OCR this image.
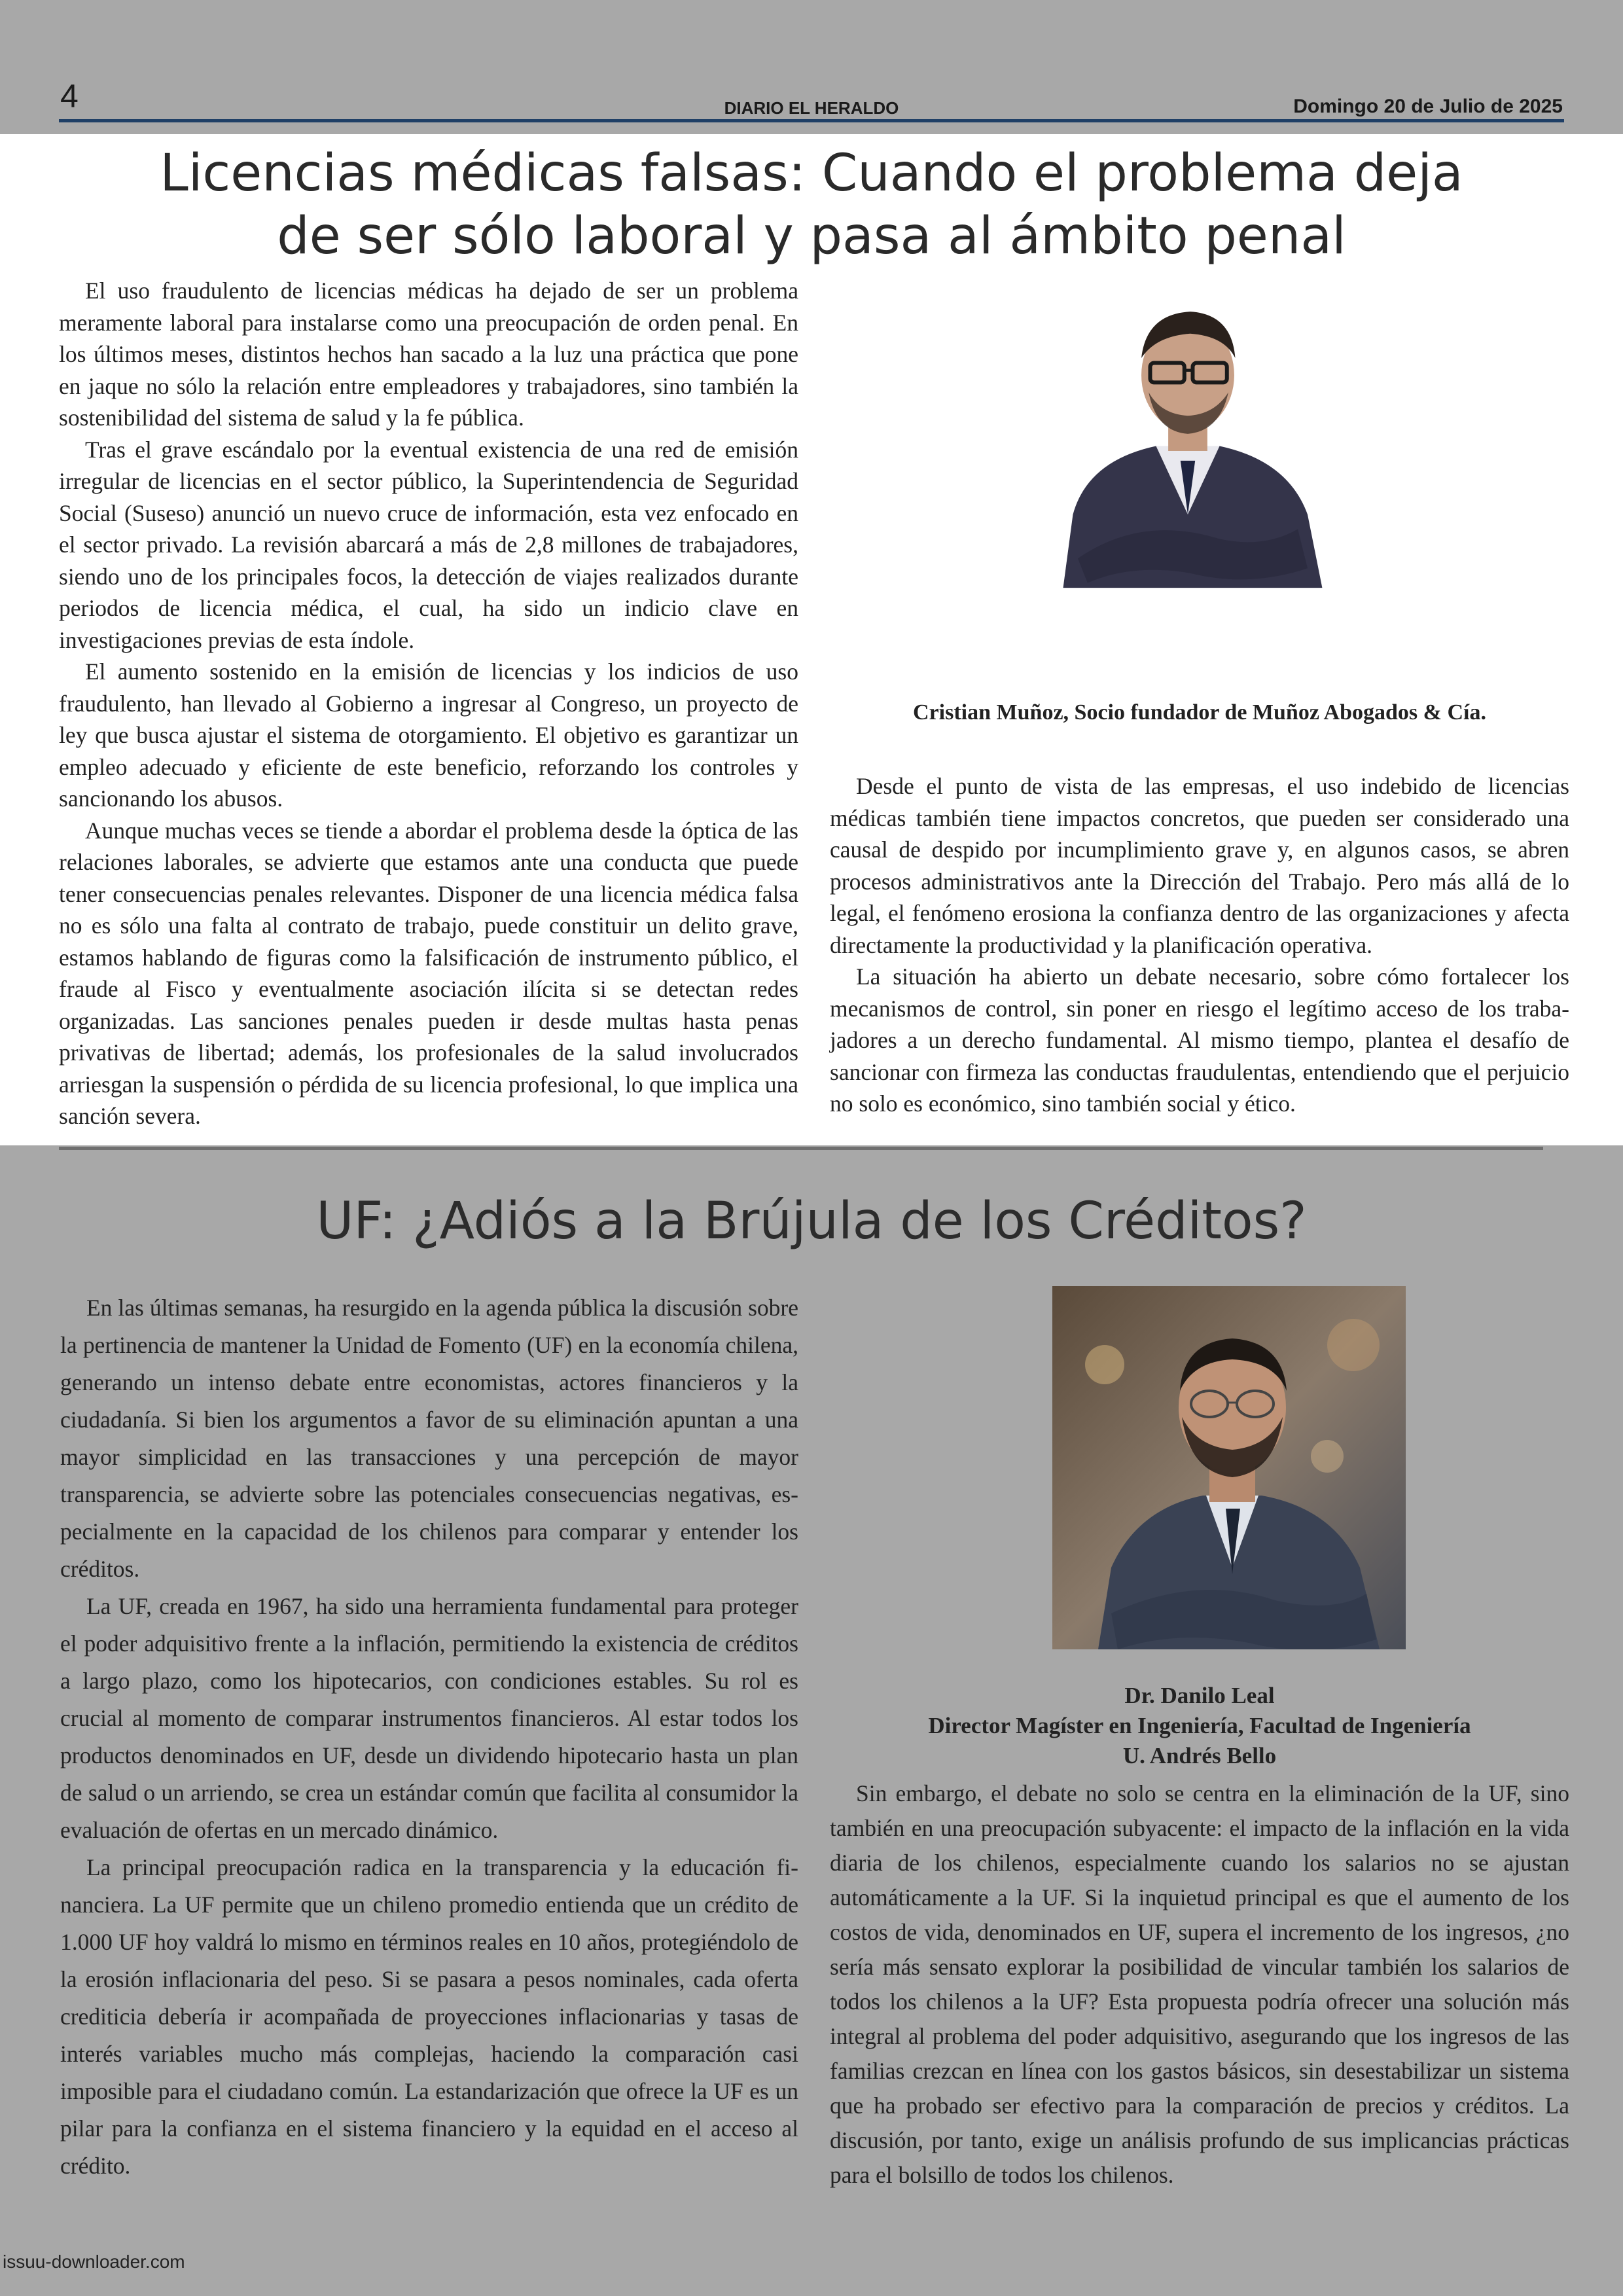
4	DIARIO EL HERALDO	Domingo 20 de Julio de 2025
Licencias médicas falsas: Cuando el problema deja
de ser sólo laboral y pasa al ámbito penal

El uso fraudulento de licencias médicas ha dejado de ser un problema meramente laboral para instalarse como una preocupación de orden penal. En los últimos meses, distintos hechos han sacado a la luz una práctica que pone en jaque no sólo la relación entre empleadores y trabajadores, sino también la sostenibilidad del sistema de salud y la fe pública.

Tras el grave escándalo por la eventual existencia de una red de emisión irregular de licencias en el sector público, la Superintendencia de Seguridad Social (Suseso) anunció un nuevo cruce de información, esta vez enfocado en el sector privado. La revisión abarcará a más de 2,8 millones de trabajadores, siendo uno de los principales focos, la detección de viajes realizados durante periodos de licencia médica, el cual, ha sido un indicio clave en investigaciones previas de esta índole.

El aumento sostenido en la emisión de licencias y los indicios de uso fraudulento, han llevado al Gobierno a ingresar al Congreso, un proyecto de ley que busca ajustar el sistema de otorgamiento. El objetivo es garantizar un empleo adecuado y eficiente de este beneficio, reforzando los controles y sancionando los abusos.

Aunque muchas veces se tiende a abordar el problema desde la óptica de las relaciones laborales, se advierte que estamos ante una conducta que puede tener consecuencias penales relevantes. Disponer de una licencia médica falsa no es sólo una falta al contrato de trabajo, puede constituir un delito grave, estamos hablando de figuras como la falsificación de instrumento público, el fraude al Fisco y eventualmente asociación ilícita si se detectan redes organizadas. Las sanciones penales pueden ir desde multas hasta penas privativas de libertad; además, los profesionales de la salud involucrados arriesgan la suspensión o pérdida de su licencia profesional, lo que implica una sanción severa.

Cristian Muñoz, Socio fundador de Muñoz Abogados & Cía.

Desde el punto de vista de las empresas, el uso indebido de licencias médicas también tiene impactos concretos, que pueden ser considerado una causal de despido por incumplimiento grave y, en algunos casos, se abren procesos administrativos ante la Dirección del Trabajo. Pero más allá de lo legal, el fenómeno erosiona la confianza dentro de las organizaciones y afecta directamente la productividad y la planificación operativa.

La situación ha abierto un debate necesario, sobre cómo fortalecer los mecanismos de control, sin poner en riesgo el legítimo acceso de los trabajadores a un derecho fundamental. Al mismo tiempo, plantea el desafío de sancionar con firmeza las conductas fraudulentas, entendiendo que el perjuicio no solo es económico, sino también social y ético.

UF: ¿Adiós a la Brújula de los Créditos?

En las últimas semanas, ha resurgido en la agenda pública la discusión sobre la pertinencia de mantener la Unidad de Fomento (UF) en la economía chilena, generando un intenso debate entre economistas, actores financieros y la ciudadanía. Si bien los argumentos a favor de su eliminación apuntan a una mayor simplicidad en las transacciones y una percepción de mayor transparencia, se advierte sobre las potenciales consecuencias negativas, especialmente en la capacidad de los chilenos para comparar y entender los créditos.

La UF, creada en 1967, ha sido una herramienta fundamental para proteger el poder adquisitivo frente a la inflación, permitiendo la existencia de créditos a largo plazo, como los hipotecarios, con condiciones estables. Su rol es crucial al momento de comparar instrumentos financieros. Al estar todos los productos denominados en UF, desde un dividendo hipotecario hasta un plan de salud o un arriendo, se crea un estándar común que facilita al consumidor la evaluación de ofertas en un mercado dinámico.

La principal preocupación radica en la transparencia y la educación financiera. La UF permite que un chileno promedio entienda que un crédito de 1.000 UF hoy valdrá lo mismo en términos reales en 10 años, protegiéndolo de la erosión inflacionaria del peso. Si se pasara a pesos nominales, cada oferta crediticia debería ir acompañada de proyecciones inflacionarias y tasas de interés variables mucho más complejas, haciendo la comparación casi imposible para el ciudadano común. La estandarización que ofrece la UF es un pilar para la confianza en el sistema financiero y la equidad en el acceso al crédito.

Dr. Danilo Leal
Director Magíster en Ingeniería, Facultad de Ingeniería
U. Andrés Bello

Sin embargo, el debate no solo se centra en la eliminación de la UF, sino también en una preocupación subyacente: el impacto de la inflación en la vida diaria de los chilenos, especialmente cuando los salarios no se ajustan automáticamente a la UF. Si la inquietud principal es que el aumento de los costos de vida, denominados en UF, supera el incremento de los ingresos, ¿no sería más sensato explorar la posibilidad de vincular también los salarios de todos los chilenos a la UF? Esta propuesta podría ofrecer una solución más integral al problema del poder adquisitivo, asegurando que los ingresos de las familias crezcan en línea con los gastos básicos, sin desestabilizar un sistema que ha probado ser efectivo para la comparación de precios y créditos. La discusión, por tanto, exige un análisis profundo de sus implicancias prácticas para el bolsillo de todos los chilenos.

issuu-downloader.com
